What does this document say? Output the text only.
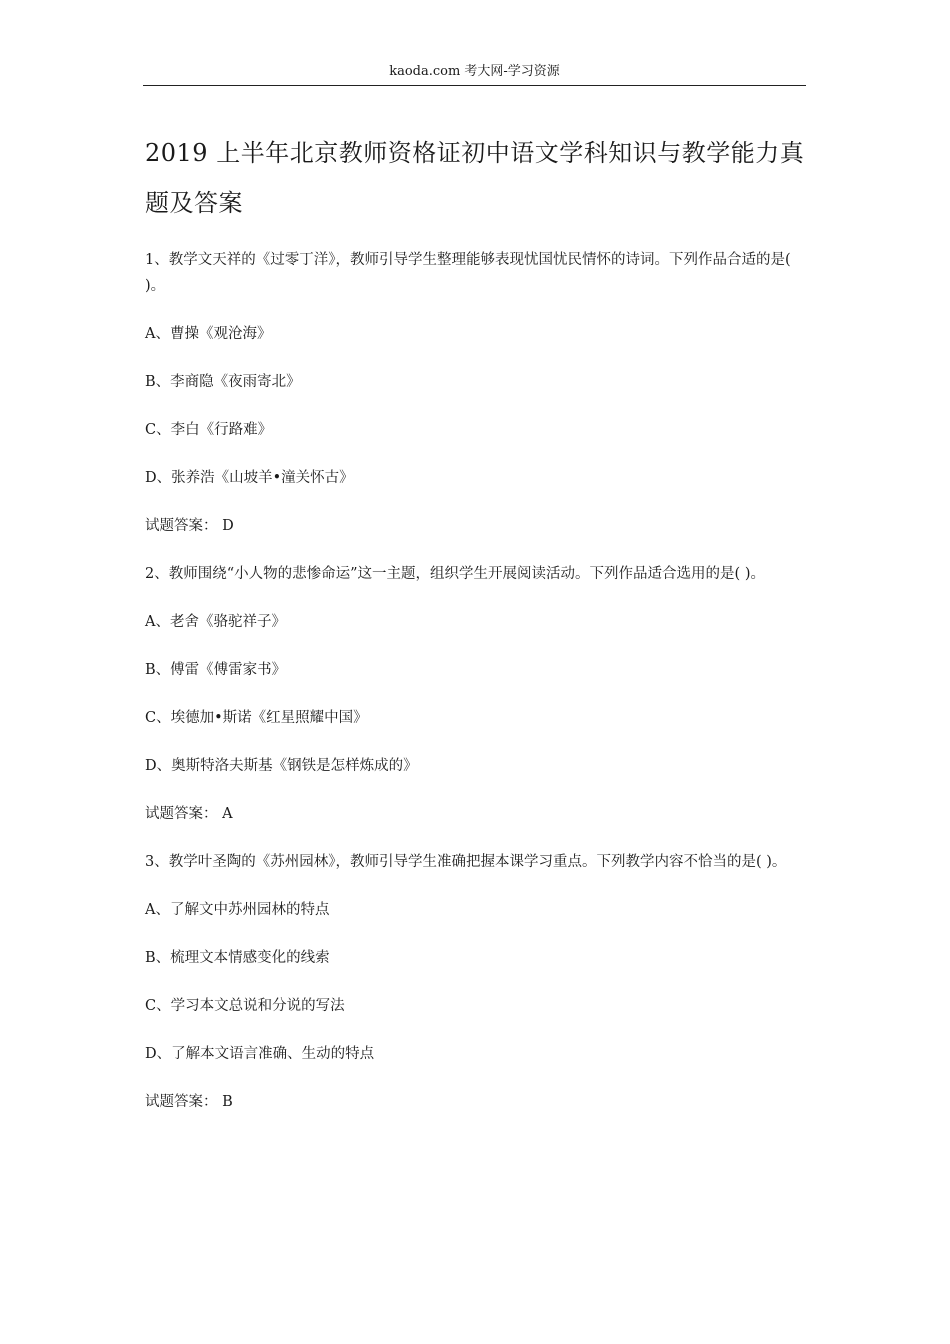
kaoda.com 考大网-学习资源
2019 上半年北京教师资格证初中语文学科知识与教学能力真题及答案

1、教学文天祥的《过零丁洋》，教师引导学生整理能够表现忧国忧民情怀的诗词。下列作品合适的是( )。

A、曹操《观沧海》

B、李商隐《夜雨寄北》

C、李白《行路难》

D、张养浩《山坡羊•潼关怀古》

试题答案： D

2、教师围绕“小人物的悲惨命运”这一主题，组织学生开展阅读活动。下列作品适合选用的是( )。

A、老舍《骆驼祥子》

B、傅雷《傅雷家书》

C、埃德加•斯诺《红星照耀中国》

D、奥斯特洛夫斯基《钢铁是怎样炼成的》

试题答案： A

3、教学叶圣陶的《苏州园林》，教师引导学生准确把握本课学习重点。下列教学内容不恰当的是( )。

A、了解文中苏州园林的特点

B、梳理文本情感变化的线索

C、学习本文总说和分说的写法

D、了解本文语言准确、生动的特点

试题答案： B
